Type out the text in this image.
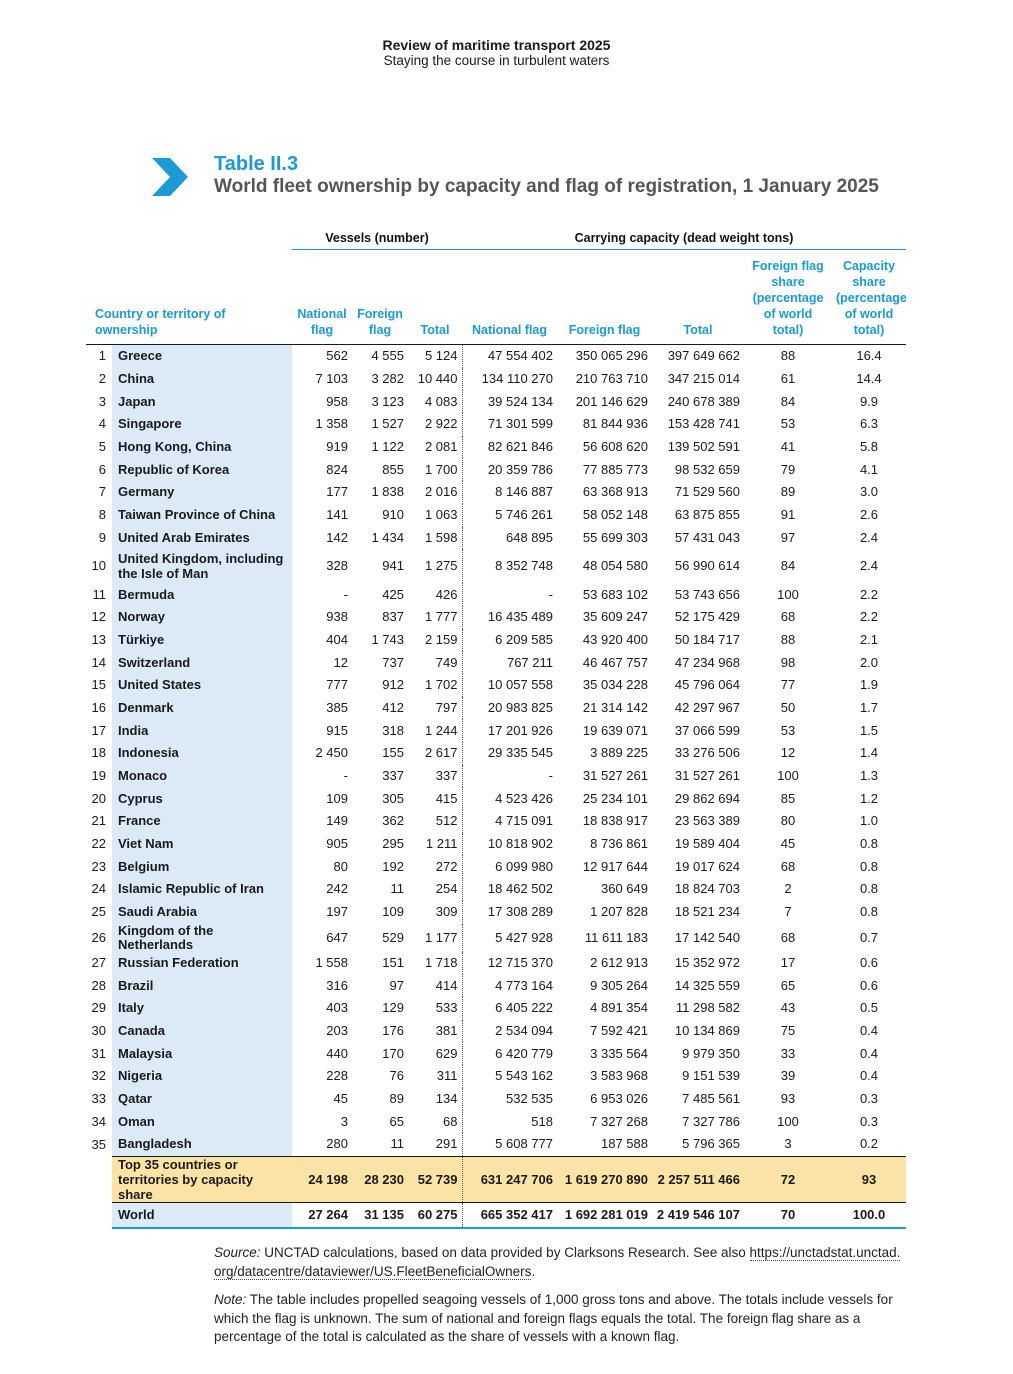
Review of maritime transport 2025
Staying the course in turbulent waters
Table II.3
World fleet ownership by capacity and flag of registration, 1 January 2025
		Vessels (number)			Carrying capacity (dead weight tons)				
Country or territory of ownership		National flag	Foreign flag	Total	National flag	Foreign flag	Total	Foreign flag share (percentage of world total)	Capacity share (percentage of world total)
1	Greece	562	4 555	5 124	47 554 402	350 065 296	397 649 662	88	16.4
2	China	7 103	3 282	10 440	134 110 270	210 763 710	347 215 014	61	14.4
3	Japan	958	3 123	4 083	39 524 134	201 146 629	240 678 389	84	9.9
4	Singapore	1 358	1 527	2 922	71 301 599	81 844 936	153 428 741	53	6.3
5	Hong Kong, China	919	1 122	2 081	82 621 846	56 608 620	139 502 591	41	5.8
6	Republic of Korea	824	855	1 700	20 359 786	77 885 773	98 532 659	79	4.1
7	Germany	177	1 838	2 016	8 146 887	63 368 913	71 529 560	89	3.0
8	Taiwan Province of China	141	910	1 063	5 746 261	58 052 148	63 875 855	91	2.6
9	United Arab Emirates	142	1 434	1 598	648 895	55 699 303	57 431 043	97	2.4
10	United Kingdom, including the Isle of Man	328	941	1 275	8 352 748	48 054 580	56 990 614	84	2.4
11	Bermuda	-	425	426	-	53 683 102	53 743 656	100	2.2
12	Norway	938	837	1 777	16 435 489	35 609 247	52 175 429	68	2.2
13	Türkiye	404	1 743	2 159	6 209 585	43 920 400	50 184 717	88	2.1
14	Switzerland	12	737	749	767 211	46 467 757	47 234 968	98	2.0
15	United States	777	912	1 702	10 057 558	35 034 228	45 796 064	77	1.9
16	Denmark	385	412	797	20 983 825	21 314 142	42 297 967	50	1.7
17	India	915	318	1 244	17 201 926	19 639 071	37 066 599	53	1.5
18	Indonesia	2 450	155	2 617	29 335 545	3 889 225	33 276 506	12	1.4
19	Monaco	-	337	337	-	31 527 261	31 527 261	100	1.3
20	Cyprus	109	305	415	4 523 426	25 234 101	29 862 694	85	1.2
21	France	149	362	512	4 715 091	18 838 917	23 563 389	80	1.0
22	Viet Nam	905	295	1 211	10 818 902	8 736 861	19 589 404	45	0.8
23	Belgium	80	192	272	6 099 980	12 917 644	19 017 624	68	0.8
24	Islamic Republic of Iran	242	11	254	18 462 502	360 649	18 824 703	2	0.8
25	Saudi Arabia	197	109	309	17 308 289	1 207 828	18 521 234	7	0.8
26	Kingdom of the Netherlands	647	529	1 177	5 427 928	11 611 183	17 142 540	68	0.7
27	Russian Federation	1 558	151	1 718	12 715 370	2 612 913	15 352 972	17	0.6
28	Brazil	316	97	414	4 773 164	9 305 264	14 325 559	65	0.6
29	Italy	403	129	533	6 405 222	4 891 354	11 298 582	43	0.5
30	Canada	203	176	381	2 534 094	7 592 421	10 134 869	75	0.4
31	Malaysia	440	170	629	6 420 779	3 335 564	9 979 350	33	0.4
32	Nigeria	228	76	311	5 543 162	3 583 968	9 151 539	39	0.4
33	Qatar	45	89	134	532 535	6 953 026	7 485 561	93	0.3
34	Oman	3	65	68	518	7 327 268	7 327 786	100	0.3
35	Bangladesh	280	11	291	5 608 777	187 588	5 796 365	3	0.2
	Top 35 countries or territories by capacity share	24 198	28 230	52 739	631 247 706	1 619 270 890	2 257 511 466	72	93
	World	27 264	31 135	60 275	665 352 417	1 692 281 019	2 419 546 107	70	100.0
Source: UNCTAD calculations, based on data provided by Clarksons Research. See also https://unctadstat.unctad.org/datacentre/dataviewer/US.FleetBeneficialOwners.
Note: The table includes propelled seagoing vessels of 1,000 gross tons and above. The totals include vessels for which the flag is unknown. The sum of national and foreign flags equals the total. The foreign flag share as a percentage of the total is calculated as the share of vessels with a known flag.
